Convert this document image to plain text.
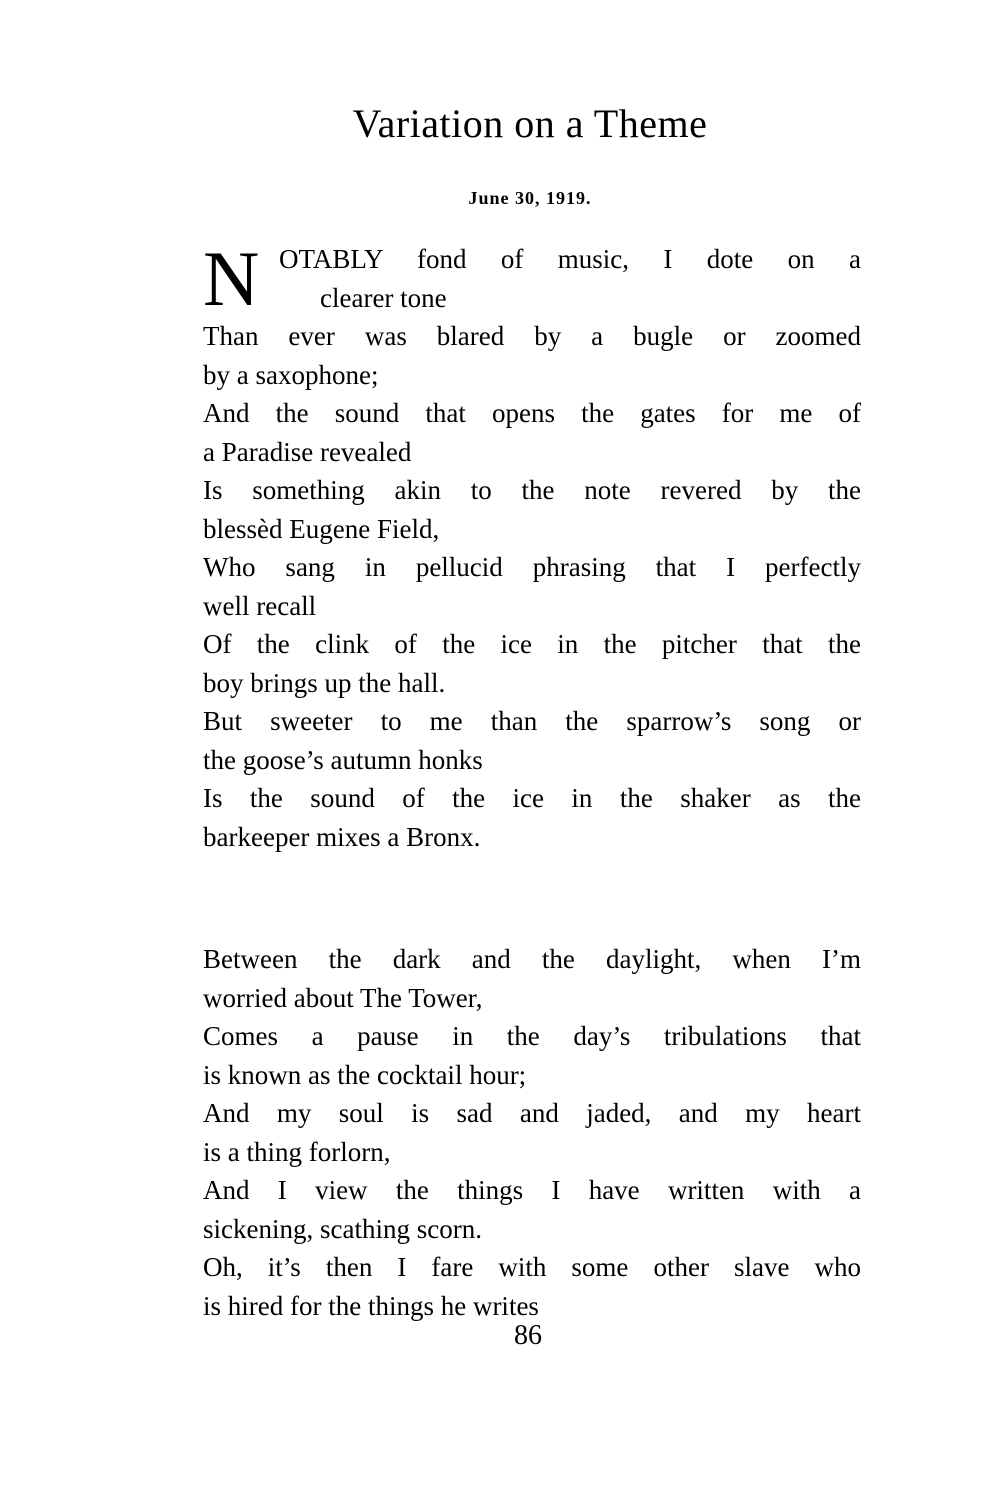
Variation on a Theme
June 30, 1919.
N OTABLY fond of music, I dote on a
clearer tone
Than ever was blared by a bugle or zoomed
by a saxophone;
And the sound that opens the gates for me of
a Paradise revealed
Is something akin to the note revered by the
blessèd Eugene Field,
Who sang in pellucid phrasing that I perfectly
well recall
Of the clink of the ice in the pitcher that the
boy brings up the hall.
But sweeter to me than the sparrow’s song or
the goose’s autumn honks
Is the sound of the ice in the shaker as the
barkeeper mixes a Bronx.
Between the dark and the daylight, when I’m
worried about The Tower,
Comes a pause in the day’s tribulations that
is known as the cocktail hour;
And my soul is sad and jaded, and my heart
is a thing forlorn,
And I view the things I have written with a
sickening, scathing scorn.
Oh, it’s then I fare with some other slave who
is hired for the things he writes
86
